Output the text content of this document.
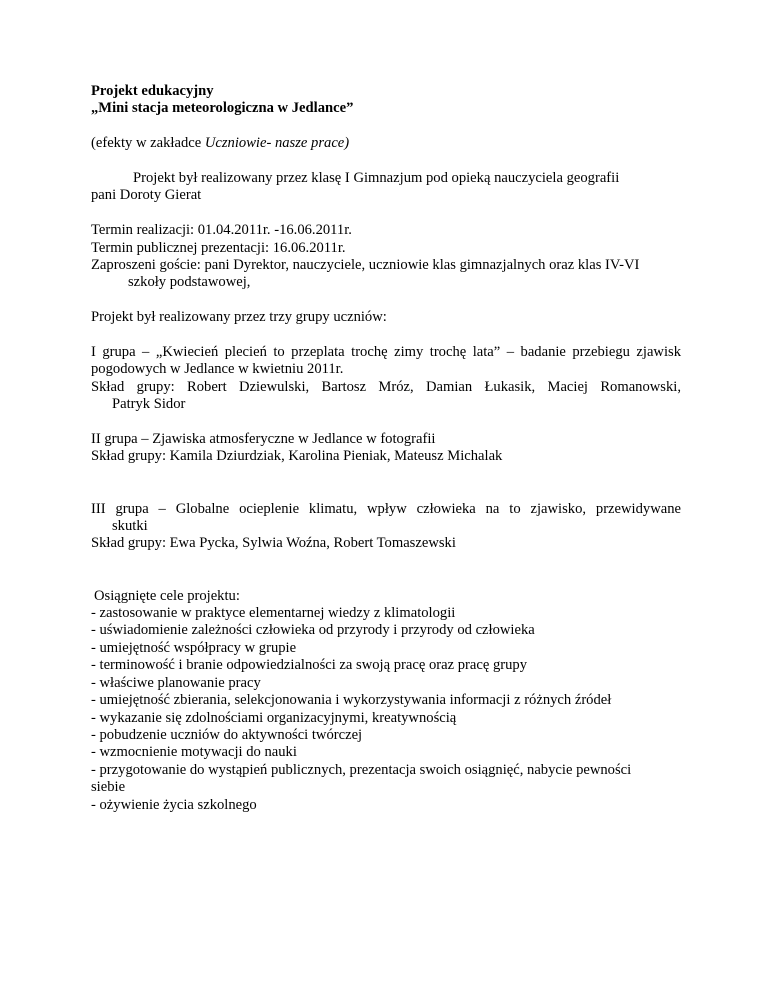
Projekt edukacyjny

„Mini stacja meteorologiczna w Jedlance”

(efekty w zakładce Uczniowie- nasze prace)

Projekt był realizowany przez klasę I Gimnazjum pod opieką nauczyciela geografii

pani Doroty Gierat

Termin realizacji: 01.04.2011r. -16.06.2011r.

Termin publicznej prezentacji: 16.06.2011r.

Zaproszeni goście: pani Dyrektor, nauczyciele, uczniowie klas gimnazjalnych oraz klas IV-VI

szkoły podstawowej,

Projekt był realizowany przez trzy grupy uczniów:

I grupa – „Kwiecień plecień to przeplata trochę zimy trochę lata” – badanie przebiegu zjawisk

pogodowych w Jedlance w kwietniu 2011r.

Skład grupy: Robert Dziewulski, Bartosz Mróz, Damian Łukasik, Maciej Romanowski,

Patryk Sidor

II grupa – Zjawiska atmosferyczne w Jedlance w fotografii

Skład grupy: Kamila Dziurdziak, Karolina Pieniak, Mateusz Michalak

III grupa – Globalne ocieplenie klimatu, wpływ człowieka na to zjawisko, przewidywane

skutki

Skład grupy: Ewa Pycka, Sylwia Woźna, Robert Tomaszewski

Osiągnięte cele projektu:

- zastosowanie w praktyce elementarnej wiedzy z klimatologii

- uświadomienie zależności człowieka od przyrody i przyrody od człowieka

- umiejętność współpracy w grupie

- terminowość i branie odpowiedzialności za swoją pracę oraz pracę grupy

- właściwe planowanie pracy

- umiejętność zbierania, selekcjonowania i wykorzystywania informacji z różnych źródeł

- wykazanie się zdolnościami organizacyjnymi, kreatywnością

- pobudzenie uczniów do aktywności twórczej

- wzmocnienie motywacji do nauki

- przygotowanie do wystąpień publicznych, prezentacja swoich osiągnięć, nabycie pewności

siebie

- ożywienie życia szkolnego
